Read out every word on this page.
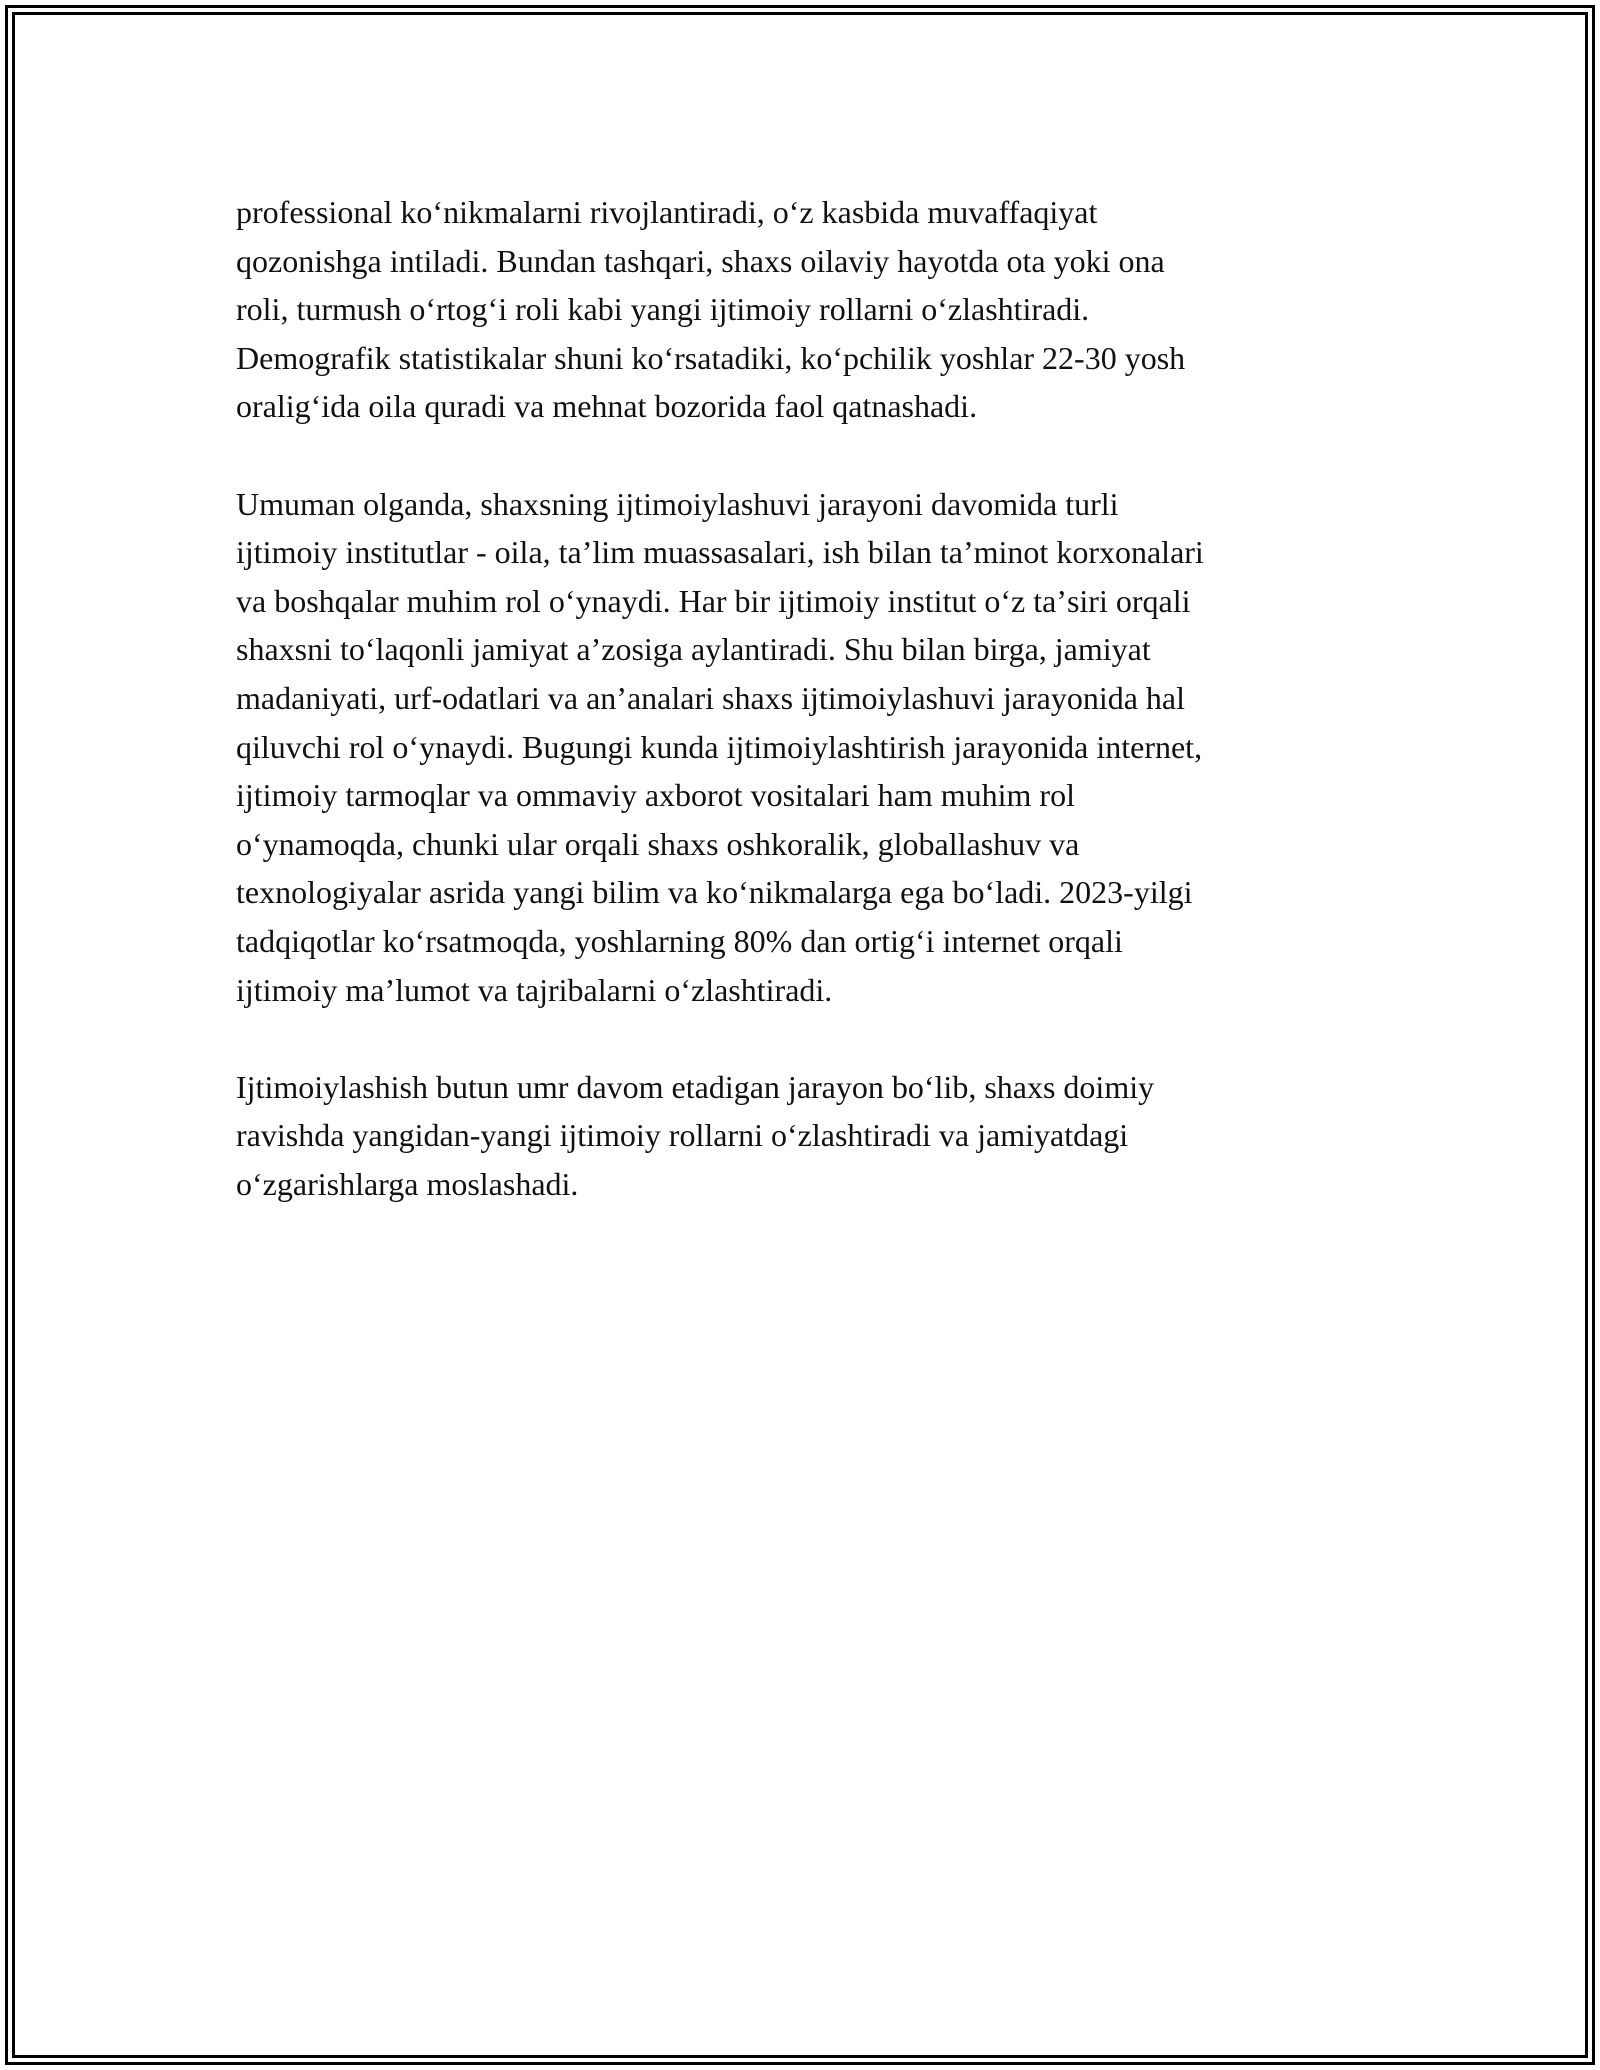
professional koʻnikmalarni rivojlantiradi, oʻz kasbida muvaffaqiyat
qozonishga intiladi. Bundan tashqari, shaxs oilaviy hayotda ota yoki ona
roli, turmush oʻrtogʻi roli kabi yangi ijtimoiy rollarni oʻzlashtiradi.
Demografik statistikalar shuni koʻrsatadiki, koʻpchilik yoshlar 22-30 yosh
oraligʻida oila quradi va mehnat bozorida faol qatnashadi.

Umuman olganda, shaxsning ijtimoiylashuvi jarayoni davomida turli
ijtimoiy institutlar - oila, taʼlim muassasalari, ish bilan taʼminot korxonalari
va boshqalar muhim rol oʻynaydi. Har bir ijtimoiy institut oʻz taʼsiri orqali
shaxsni toʻlaqonli jamiyat aʼzosiga aylantiradi. Shu bilan birga, jamiyat
madaniyati, urf-odatlari va anʼanalari shaxs ijtimoiylashuvi jarayonida hal
qiluvchi rol oʻynaydi. Bugungi kunda ijtimoiylashtirish jarayonida internet,
ijtimoiy tarmoqlar va ommaviy axborot vositalari ham muhim rol
oʻynamoqda, chunki ular orqali shaxs oshkoralik, globallashuv va
texnologiyalar asrida yangi bilim va koʻnikmalarga ega boʻladi. 2023-yilgi
tadqiqotlar koʻrsatmoqda, yoshlarning 80% dan ortigʻi internet orqali
ijtimoiy maʼlumot va tajribalarni oʻzlashtiradi.

Ijtimoiylashish butun umr davom etadigan jarayon boʻlib, shaxs doimiy
ravishda yangidan-yangi ijtimoiy rollarni oʻzlashtiradi va jamiyatdagi
oʻzgarishlarga moslashadi.
